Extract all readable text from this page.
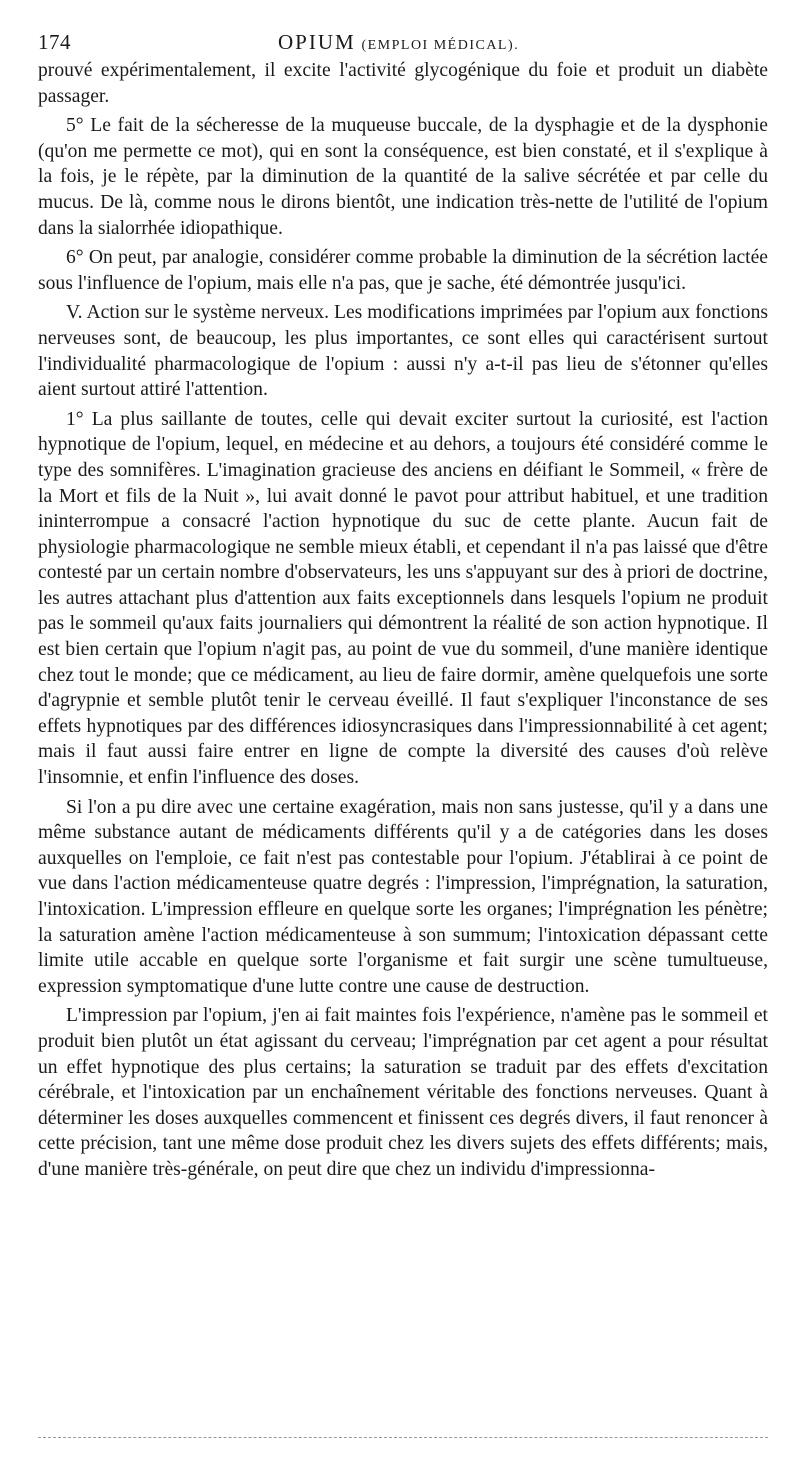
174	OPIUM (EMPLOI MÉDICAL).

prouvé expérimentalement, il excite l'activité glycogénique du foie et produit un diabète passager.

5° Le fait de la sécheresse de la muqueuse buccale, de la dysphagie et de la dysphonie (qu'on me permette ce mot), qui en sont la conséquence, est bien constaté, et il s'explique à la fois, je le répète, par la diminution de la quantité de la salive sécrétée et par celle du mucus. De là, comme nous le dirons bientôt, une indication très-nette de l'utilité de l'opium dans la sialorrhée idiopathique.

6° On peut, par analogie, considérer comme probable la diminution de la sécrétion lactée sous l'influence de l'opium, mais elle n'a pas, que je sache, été démontrée jusqu'ici.

V. Action sur le système nerveux. Les modifications imprimées par l'opium aux fonctions nerveuses sont, de beaucoup, les plus importantes, ce sont elles qui caractérisent surtout l'individualité pharmacologique de l'opium : aussi n'y a-t-il pas lieu de s'étonner qu'elles aient surtout attiré l'attention.

1° La plus saillante de toutes, celle qui devait exciter surtout la curiosité, est l'action hypnotique de l'opium, lequel, en médecine et au dehors, a toujours été considéré comme le type des somnifères. L'imagination gracieuse des anciens en déifiant le Sommeil, « frère de la Mort et fils de la Nuit », lui avait donné le pavot pour attribut habituel, et une tradition ininterrompue a consacré l'action hypnotique du suc de cette plante. Aucun fait de physiologie pharmacologique ne semble mieux établi, et cependant il n'a pas laissé que d'être contesté par un certain nombre d'observateurs, les uns s'appuyant sur des à priori de doctrine, les autres attachant plus d'attention aux faits exceptionnels dans lesquels l'opium ne produit pas le sommeil qu'aux faits journaliers qui démontrent la réalité de son action hypnotique. Il est bien certain que l'opium n'agit pas, au point de vue du sommeil, d'une manière identique chez tout le monde; que ce médicament, au lieu de faire dormir, amène quelquefois une sorte d'agrypnie et semble plutôt tenir le cerveau éveillé. Il faut s'expliquer l'inconstance de ses effets hypnotiques par des différences idiosyncrasiques dans l'impressionnabilité à cet agent; mais il faut aussi faire entrer en ligne de compte la diversité des causes d'où relève l'insomnie, et enfin l'influence des doses.

Si l'on a pu dire avec une certaine exagération, mais non sans justesse, qu'il y a dans une même substance autant de médicaments différents qu'il y a de catégories dans les doses auxquelles on l'emploie, ce fait n'est pas contestable pour l'opium. J'établirai à ce point de vue dans l'action médicamenteuse quatre degrés : l'impression, l'imprégnation, la saturation, l'intoxication. L'impression effleure en quelque sorte les organes; l'imprégnation les pénètre; la saturation amène l'action médicamenteuse à son summum; l'intoxication dépassant cette limite utile accable en quelque sorte l'organisme et fait surgir une scène tumultueuse, expression symptomatique d'une lutte contre une cause de destruction.

L'impression par l'opium, j'en ai fait maintes fois l'expérience, n'amène pas le sommeil et produit bien plutôt un état agissant du cerveau; l'imprégnation par cet agent a pour résultat un effet hypnotique des plus certains; la saturation se traduit par des effets d'excitation cérébrale, et l'intoxication par un enchaînement véritable des fonctions nerveuses. Quant à déterminer les doses auxquelles commencent et finissent ces degrés divers, il faut renoncer à cette précision, tant une même dose produit chez les divers sujets des effets différents; mais, d'une manière très-générale, on peut dire que chez un individu d'impressionna-
